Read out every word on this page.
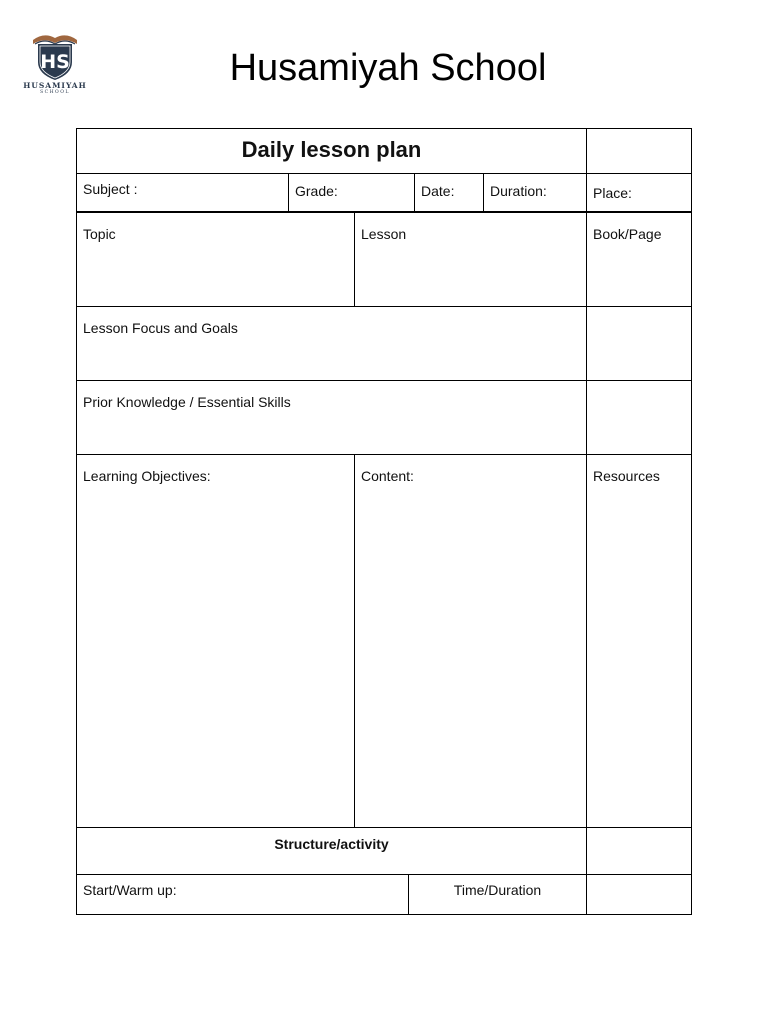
HS
HUSAMIYAH
SCHOOL
Husamiyah School
Daily lesson plan
Subject :	Grade:	Date:	Duration:	Place:
Topic	Lesson	Book/Page
Lesson Focus and Goals
Prior Knowledge / Essential Skills
Learning Objectives:	Content:	Resources
Structure/activity
Start/Warm up:	Time/Duration
